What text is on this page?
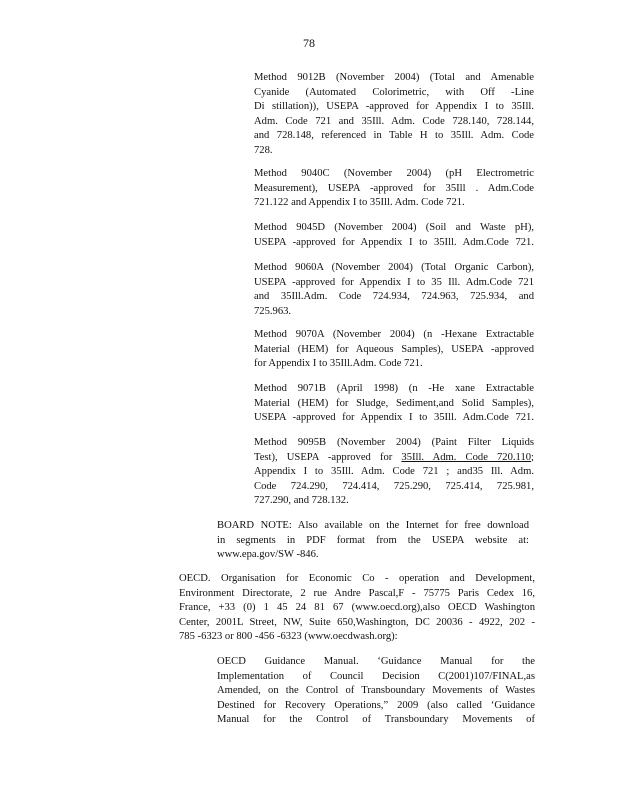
78
Method 9012B (November 2004) (Total and Amenable
Cyanide (Automated Colorimetric, with Off -Line
Di stillation)), USEPA -approved for Appendix I to 35Ill.
Adm. Code 721 and 35Ill. Adm. Code 728.140, 728.144,
and 728.148, referenced in Table H to 35Ill. Adm. Code
728.
Method 9040C (November 2004) (pH Electrometric
Measurement), USEPA -approved for 35Ill . Adm.Code
721.122 and Appendix I to 35Ill. Adm. Code 721.
Method 9045D (November 2004) (Soil and Waste pH),
USEPA -approved for Appendix I to 35Ill. Adm.Code 721.
Method 9060A (November 2004) (Total Organic Carbon),
USEPA -approved for Appendix I to 35 Ill. Adm.Code 721
and 35Ill.Adm. Code 724.934, 724.963, 725.934, and
725.963.
Method 9070A (November 2004) (n -Hexane Extractable
Material (HEM) for Aqueous Samples), USEPA -approved
for Appendix I to 35Ill.Adm. Code 721.
Method 9071B (April 1998) (n -He xane Extractable
Material (HEM) for Sludge, Sediment,and Solid Samples),
USEPA -approved for Appendix I to 35Ill. Adm.Code 721.
Method 9095B (November 2004) (Paint Filter Liquids
Test), USEPA -approved for 35Ill. Adm. Code 720.110;
Appendix I to 35Ill. Adm. Code 721 ; and35 Ill. Adm.
Code 724.290, 724.414, 725.290, 725.414, 725.981,
727.290, and 728.132.
BOARD NOTE: Also available on the Internet for free download
in segments in PDF format from the USEPA website at:
www.epa.gov/SW -846.
OECD. Organisation for Economic Co - operation and Development,
Environment Directorate, 2 rue Andre Pascal,F - 75775 Paris Cedex 16,
France, +33 (0) 1 45 24 81 67 (www.oecd.org),also OECD Washington
Center, 2001L Street, NW, Suite 650,Washington, DC 20036 - 4922, 202 -
785 -6323 or 800 -456 -6323 (www.oecdwash.org):
OECD Guidance Manual. ‘Guidance Manual for the
Implementation of Council Decision C(2001)107/FINAL,as
Amended, on the Control of Transboundary Movements of Wastes
Destined for Recovery Operations,” 2009 (also called ‘Guidance
Manual for the Control of Transboundary Movements of
